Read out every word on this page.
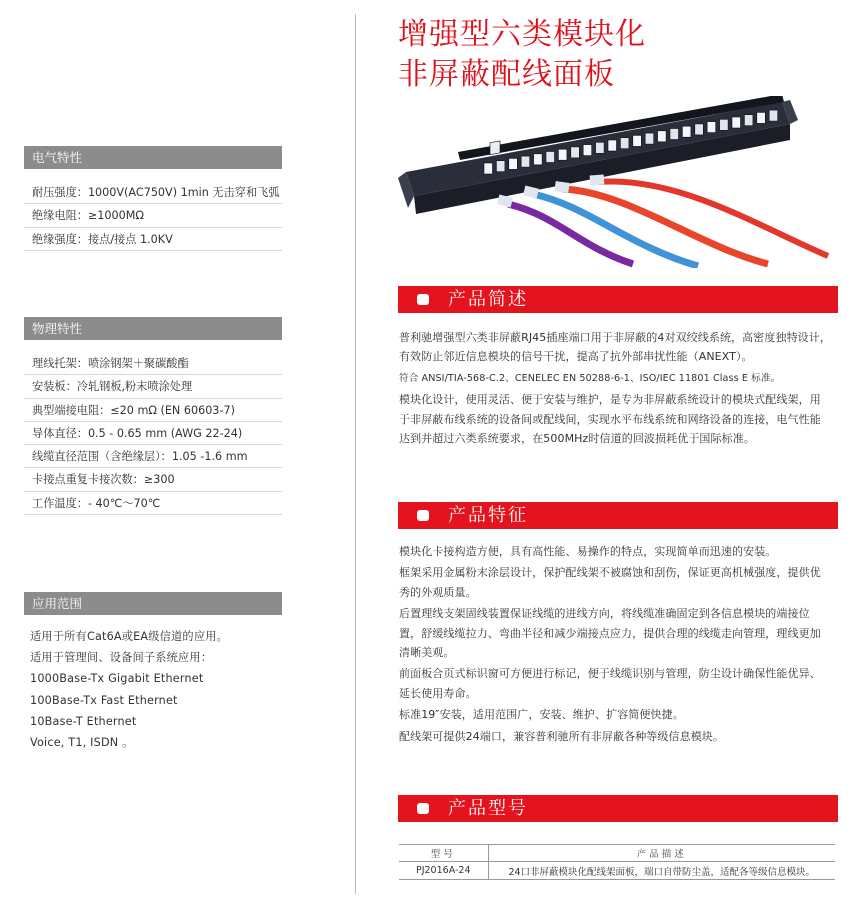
电气特性
耐压强度：1000V(AC750V) 1min 无击穿和飞弧
绝缘电阻：≥1000MΩ
绝缘强度：接点/接点 1.0KV
物理特性
理线托架：喷涂钢架＋聚碳酸酯
安装板：冷轧钢板,粉末喷涂处理
典型端接电阻：≤20 mΩ (EN 60603-7)
导体直径：0.5 - 0.65 mm (AWG 22-24)
线缆直径范围（含绝缘层）：1.05 -1.6 mm
卡接点重复卡接次数：≥300
工作温度：- 40℃～70℃
应用范围
适用于所有Cat6A或EA级信道的应用。
适用于管理间、设备间子系统应用：
1000Base-Tx Gigabit Ethernet
100Base-Tx Fast Ethernet
10Base-T Ethernet
Voice, T1, ISDN 。
增强型六类模块化
非屏蔽配线面板
产品简述

普利驰增强型六类非屏蔽RJ45插座端口用于非屏蔽的4对双绞线系统，高密度独特设计，有效防止邻近信息模块的信号干扰，提高了抗外部串扰性能（ANEXT）。

符合 ANSI/TIA-568-C.2、CENELEC EN 50288-6-1、ISO/IEC 11801 Class E 标准。

模块化设计，使用灵活、便于安装与维护，是专为非屏蔽系统设计的模块式配线架，用于非屏蔽布线系统的设备间或配线间，实现水平布线系统和网络设备的连接，电气性能达到并超过六类系统要求，在500MHz时信道的回波损耗优于国际标准。

产品特征

模块化卡接构造方便，具有高性能、易操作的特点，实现简单而迅速的安装。

框架采用金属粉末涂层设计，保护配线架不被腐蚀和刮伤，保证更高机械强度，提供优秀的外观质量。

后置理线支架固线装置保证线缆的进线方向，将线缆准确固定到各信息模块的端接位置，舒缓线缆拉力、弯曲半径和减少端接点应力，提供合理的线缆走向管理，理线更加清晰美观。

前面板合页式标识窗可方便进行标记，便于线缆识别与管理，防尘设计确保性能优异、延长使用寿命。

标准19″安装，适用范围广，安装、维护、扩容简便快捷。

配线架可提供24端口，兼容普利驰所有非屏蔽各种等级信息模块。

产品型号
型号	产品描述
PJ2016A-24	24口非屏蔽模块化配线架面板，端口自带防尘盖，适配各等级信息模块。
